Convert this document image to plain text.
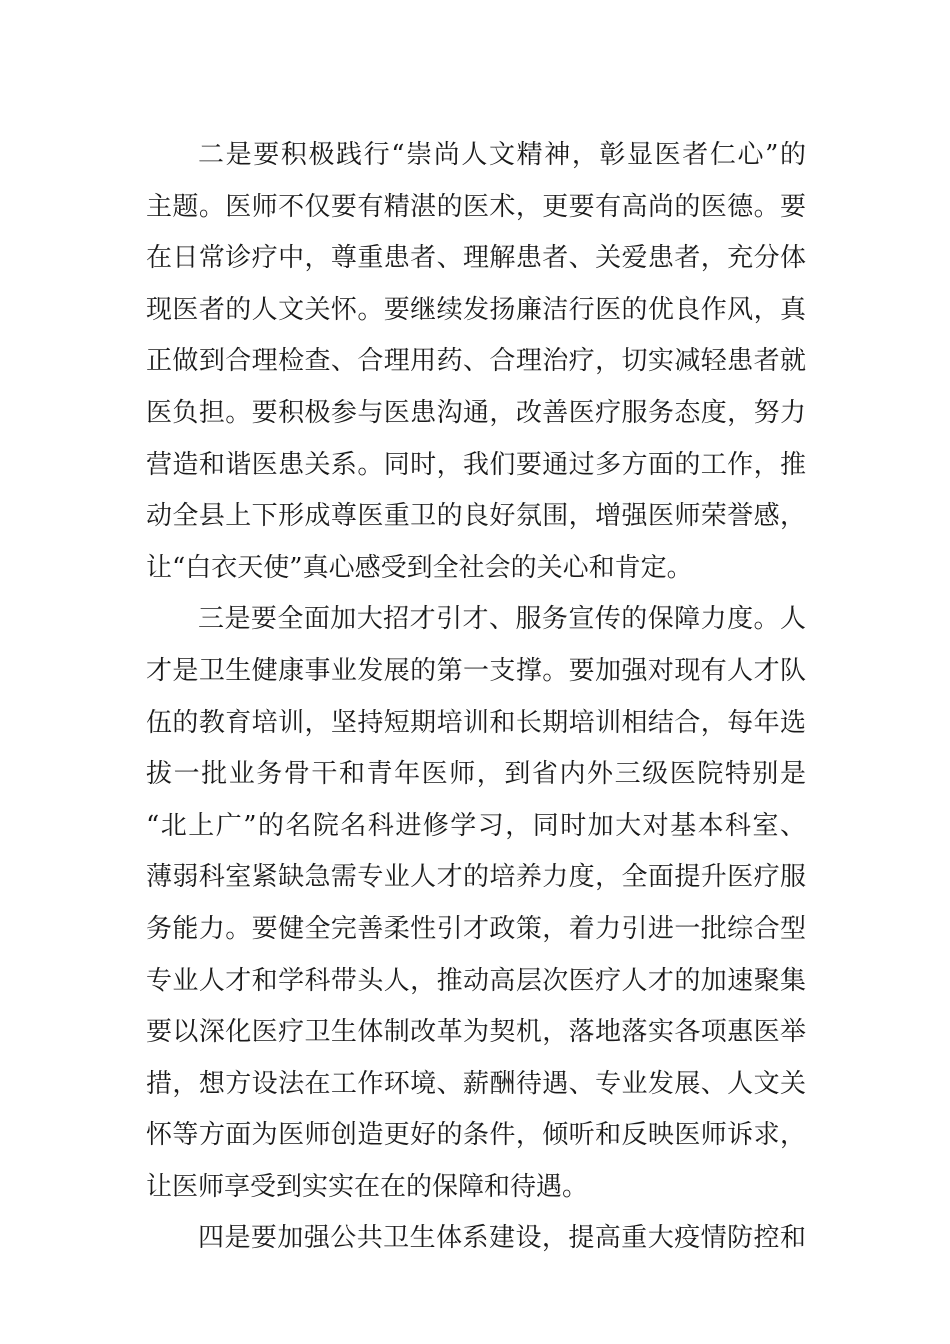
二是要积极践行“崇尚人文精神，彰显医者仁心”的
主题。医师不仅要有精湛的医术，更要有高尚的医德。要
在日常诊疗中，尊重患者、理解患者、关爱患者，充分体
现医者的人文关怀。要继续发扬廉洁行医的优良作风，真
正做到合理检查、合理用药、合理治疗，切实减轻患者就
医负担。要积极参与医患沟通，改善医疗服务态度，努力
营造和谐医患关系。同时，我们要通过多方面的工作，推
动全县上下形成尊医重卫的良好氛围，增强医师荣誉感，
让“白衣天使”真心感受到全社会的关心和肯定。
三是要全面加大招才引才、服务宣传的保障力度。人
才是卫生健康事业发展的第一支撑。要加强对现有人才队
伍的教育培训，坚持短期培训和长期培训相结合，每年选
拔一批业务骨干和青年医师，到省内外三级医院特别是
“北上广”的名院名科进修学习，同时加大对基本科室、
薄弱科室紧缺急需专业人才的培养力度，全面提升医疗服
务能力。要健全完善柔性引才政策，着力引进一批综合型
专业人才和学科带头人，推动高层次医疗人才的加速聚集
要以深化医疗卫生体制改革为契机，落地落实各项惠医举
措，想方设法在工作环境、薪酬待遇、专业发展、人文关
怀等方面为医师创造更好的条件，倾听和反映医师诉求，
让医师享受到实实在在的保障和待遇。
四是要加强公共卫生体系建设，提高重大疫情防控和
